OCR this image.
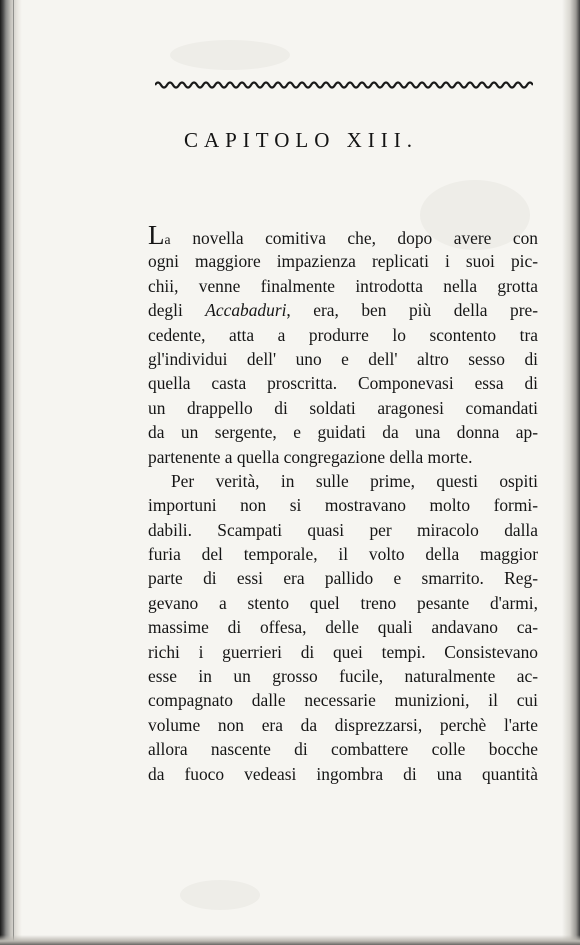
CAPITOLO XIII.
La novella comitiva che, dopo avere con
ogni maggiore impazienza replicati i suoi pic-
chii, venne finalmente introdotta nella grotta
degli Accabaduri, era, ben più della pre-
cedente, atta a produrre lo scontento tra
gl'individui dell' uno e dell' altro sesso di
quella casta proscritta. Componevasi essa di
un drappello di soldati aragonesi comandati
da un sergente, e guidati da una donna ap-
partenente a quella congregazione della morte.
Per verità, in sulle prime, questi ospiti
importuni non si mostravano molto formi-
dabili. Scampati quasi per miracolo dalla
furia del temporale, il volto della maggior
parte di essi era pallido e smarrito. Reg-
gevano a stento quel treno pesante d'armi,
massime di offesa, delle quali andavano ca-
richi i guerrieri di quei tempi. Consistevano
esse in un grosso fucile, naturalmente ac-
compagnato dalle necessarie munizioni, il cui
volume non era da disprezzarsi, perchè l'arte
allora nascente di combattere colle bocche
da fuoco vedeasi ingombra di una quantità
